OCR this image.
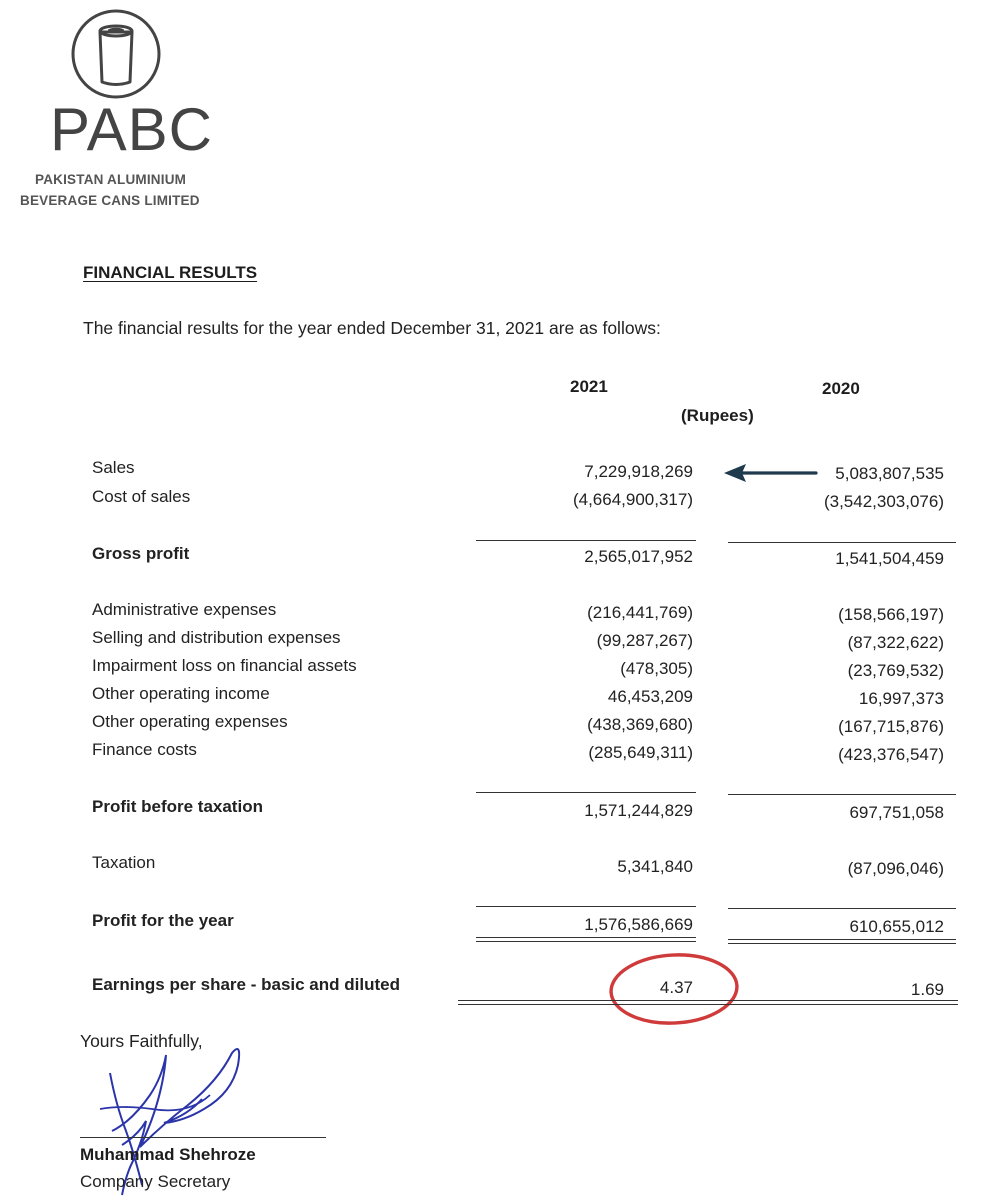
PABC
PAKISTAN ALUMINIUM
BEVERAGE CANS LIMITED
FINANCIAL RESULTS
The financial results for the year ended December 31, 2021 are as follows:
2021	2020
(Rupees)
Sales	7,229,918,269	5,083,807,535
Cost of sales	(4,664,900,317)	(3,542,303,076)
Gross profit	2,565,017,952	1,541,504,459
Administrative expenses	(216,441,769)	(158,566,197)
Selling and distribution expenses	(99,287,267)	(87,322,622)
Impairment loss on financial assets	(478,305)	(23,769,532)
Other operating income	46,453,209	16,997,373
Other operating expenses	(438,369,680)	(167,715,876)
Finance costs	(285,649,311)	(423,376,547)
Profit before taxation	1,571,244,829	697,751,058
Taxation	5,341,840	(87,096,046)
Profit for the year	1,576,586,669	610,655,012
Earnings per share - basic and diluted	4.37	1.69
Yours Faithfully,
Muhammad Shehroze
Company Secretary
